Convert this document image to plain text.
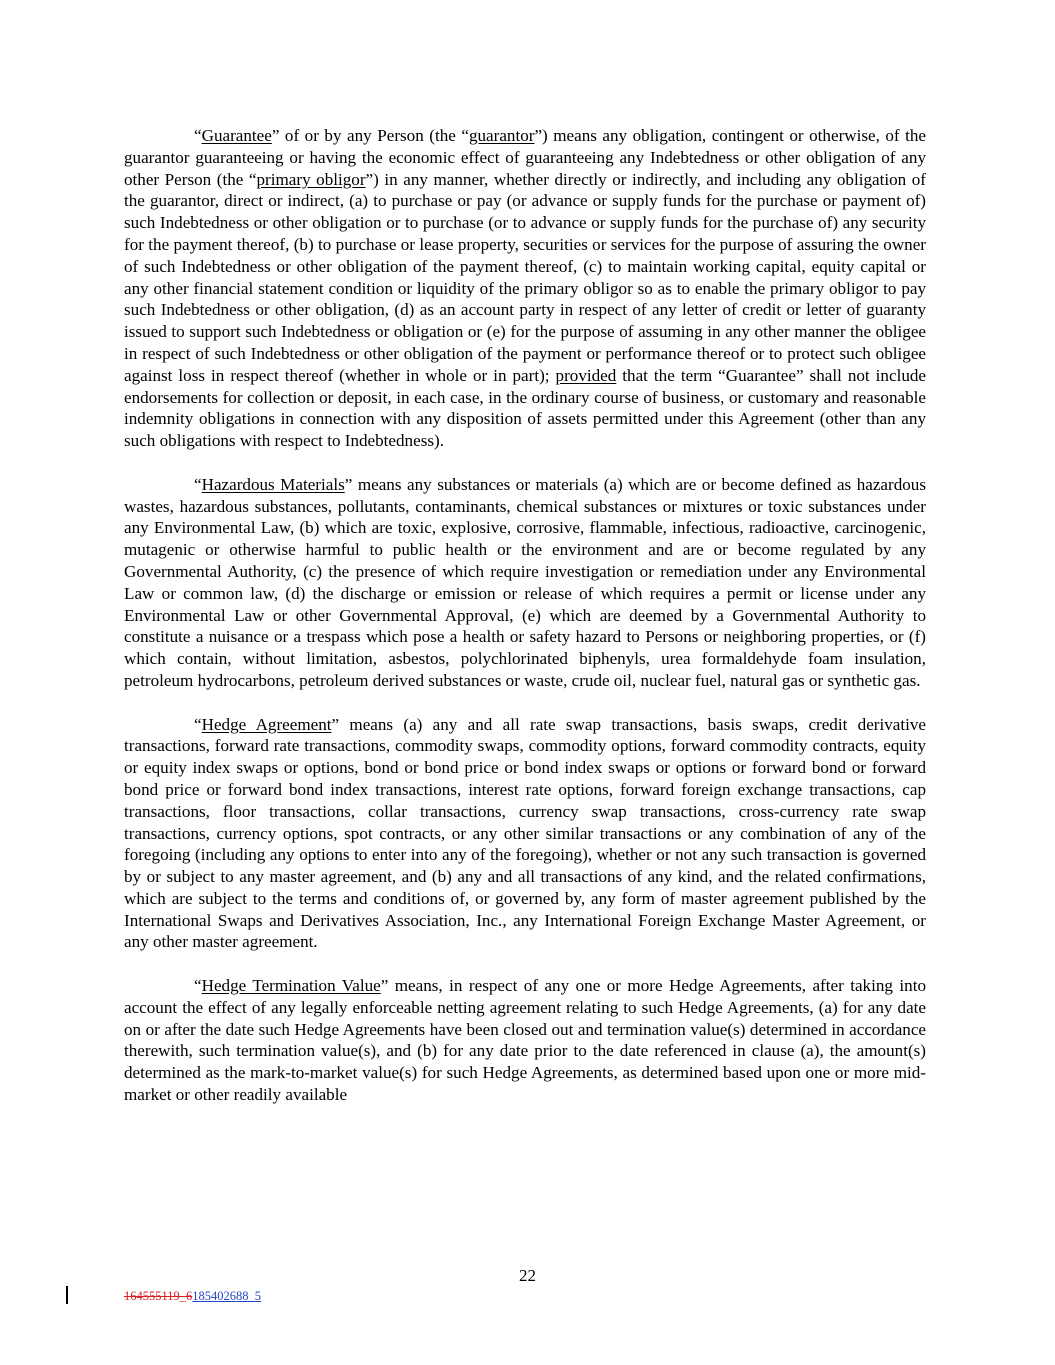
“Guarantee” of or by any Person (the “guarantor”) means any obligation, contingent or otherwise, of the guarantor guaranteeing or having the economic effect of guaranteeing any Indebtedness or other obligation of any other Person (the “primary obligor”) in any manner, whether directly or indirectly, and including any obligation of the guarantor, direct or indirect, (a) to purchase or pay (or advance or supply funds for the purchase or payment of) such Indebtedness or other obligation or to purchase (or to advance or supply funds for the purchase of) any security for the payment thereof, (b) to purchase or lease property, securities or services for the purpose of assuring the owner of such Indebtedness or other obligation of the payment thereof, (c) to maintain working capital, equity capital or any other financial statement condition or liquidity of the primary obligor so as to enable the primary obligor to pay such Indebtedness or other obligation, (d) as an account party in respect of any letter of credit or letter of guaranty issued to support such Indebtedness or obligation or (e) for the purpose of assuming in any other manner the obligee in respect of such Indebtedness or other obligation of the payment or performance thereof or to protect such obligee against loss in respect thereof (whether in whole or in part); provided that the term “Guarantee” shall not include endorsements for collection or deposit, in each case, in the ordinary course of business, or customary and reasonable indemnity obligations in connection with any disposition of assets permitted under this Agreement (other than any such obligations with respect to Indebtedness).

“Hazardous Materials” means any substances or materials (a) which are or become defined as hazardous wastes, hazardous substances, pollutants, contaminants, chemical substances or mixtures or toxic substances under any Environmental Law, (b) which are toxic, explosive, corrosive, flammable, infectious, radioactive, carcinogenic, mutagenic or otherwise harmful to public health or the environment and are or become regulated by any Governmental Authority, (c) the presence of which require investigation or remediation under any Environmental Law or common law, (d) the discharge or emission or release of which requires a permit or license under any Environmental Law or other Governmental Approval, (e) which are deemed by a Governmental Authority to constitute a nuisance or a trespass which pose a health or safety hazard to Persons or neighboring properties, or (f) which contain, without limitation, asbestos, polychlorinated biphenyls, urea formaldehyde foam insulation, petroleum hydrocarbons, petroleum derived substances or waste, crude oil, nuclear fuel, natural gas or synthetic gas.

“Hedge Agreement” means (a) any and all rate swap transactions, basis swaps, credit derivative transactions, forward rate transactions, commodity swaps, commodity options, forward commodity contracts, equity or equity index swaps or options, bond or bond price or bond index swaps or options or forward bond or forward bond price or forward bond index transactions, interest rate options, forward foreign exchange transactions, cap transactions, floor transactions, collar transactions, currency swap transactions, cross-currency rate swap transactions, currency options, spot contracts, or any other similar transactions or any combination of any of the foregoing (including any options to enter into any of the foregoing), whether or not any such transaction is governed by or subject to any master agreement, and (b) any and all transactions of any kind, and the related confirmations, which are subject to the terms and conditions of, or governed by, any form of master agreement published by the International Swaps and Derivatives Association, Inc., any International Foreign Exchange Master Agreement, or any other master agreement.

“Hedge Termination Value” means, in respect of any one or more Hedge Agreements, after taking into account the effect of any legally enforceable netting agreement relating to such Hedge Agreements, (a) for any date on or after the date such Hedge Agreements have been closed out and termination value(s) determined in accordance therewith, such termination value(s), and (b) for any date prior to the date referenced in clause (a), the amount(s) determined as the mark-to-market value(s) for such Hedge Agreements, as determined based upon one or more mid-market or other readily available

22
164555119_6185402688_5
